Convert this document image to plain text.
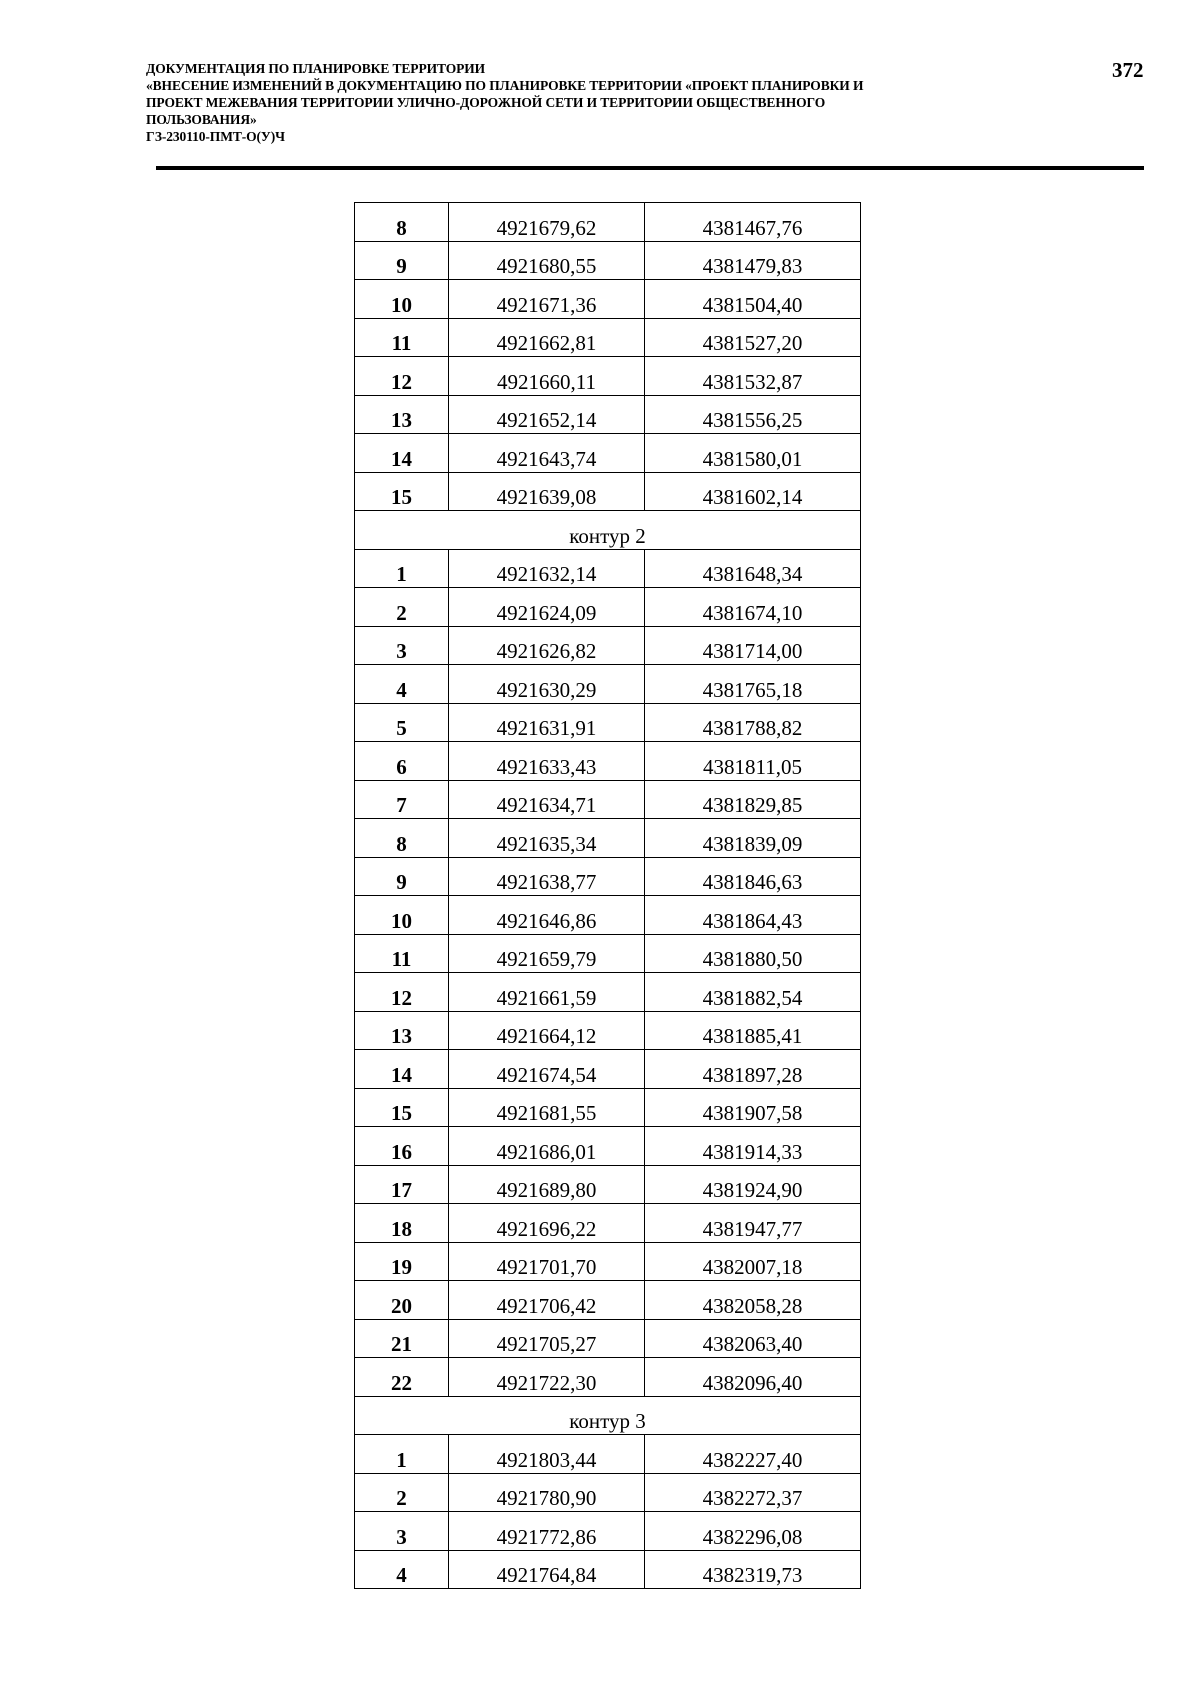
ДОКУМЕНТАЦИЯ ПО ПЛАНИРОВКЕ ТЕРРИТОРИИ
«ВНЕСЕНИЕ ИЗМЕНЕНИЙ В ДОКУМЕНТАЦИЮ ПО ПЛАНИРОВКЕ ТЕРРИТОРИИ «ПРОЕКТ ПЛАНИРОВКИ И
ПРОЕКТ МЕЖЕВАНИЯ ТЕРРИТОРИИ УЛИЧНО-ДОРОЖНОЙ СЕТИ И ТЕРРИТОРИИ ОБЩЕСТВЕННОГО
ПОЛЬЗОВАНИЯ»
ГЗ-230110-ПМТ-О(У)Ч
372
8	4921679,62	4381467,76
9	4921680,55	4381479,83
10	4921671,36	4381504,40
11	4921662,81	4381527,20
12	4921660,11	4381532,87
13	4921652,14	4381556,25
14	4921643,74	4381580,01
15	4921639,08	4381602,14
контур 2		
1	4921632,14	4381648,34
2	4921624,09	4381674,10
3	4921626,82	4381714,00
4	4921630,29	4381765,18
5	4921631,91	4381788,82
6	4921633,43	4381811,05
7	4921634,71	4381829,85
8	4921635,34	4381839,09
9	4921638,77	4381846,63
10	4921646,86	4381864,43
11	4921659,79	4381880,50
12	4921661,59	4381882,54
13	4921664,12	4381885,41
14	4921674,54	4381897,28
15	4921681,55	4381907,58
16	4921686,01	4381914,33
17	4921689,80	4381924,90
18	4921696,22	4381947,77
19	4921701,70	4382007,18
20	4921706,42	4382058,28
21	4921705,27	4382063,40
22	4921722,30	4382096,40
контур 3		
1	4921803,44	4382227,40
2	4921780,90	4382272,37
3	4921772,86	4382296,08
4	4921764,84	4382319,73
